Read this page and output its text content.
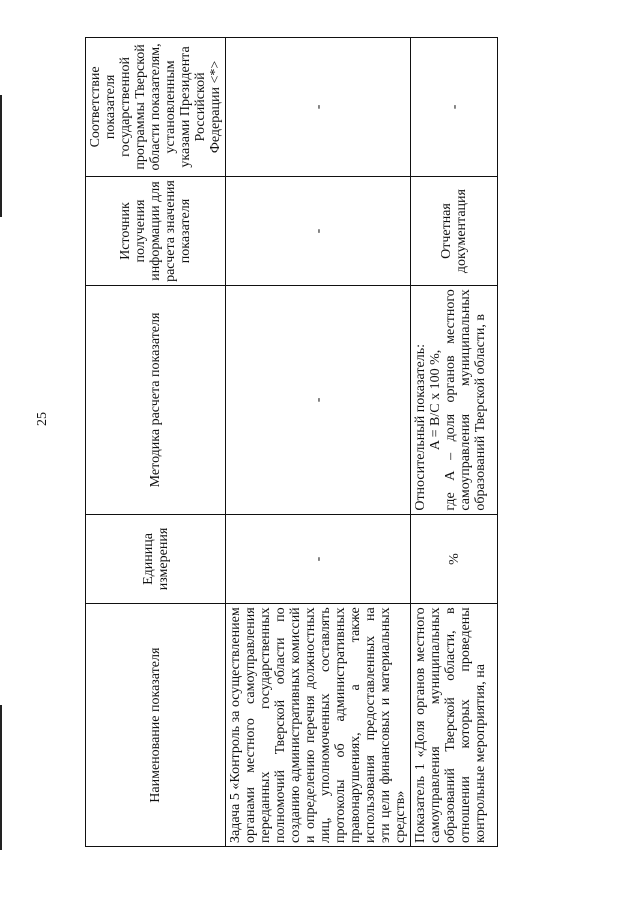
25
Наименование показателя	Единица измерения	Методика расчета показателя	Источник получения информации для расчета значения показателя	Соответствие показателя государственной программы Тверской области показателям, установленным указами Президента Российской Федерации <*>
Задача 5 «Контроль за осуществлением органами местного самоуправления переданных государственных полномочий Тверской области по созданию административных комиссий и определению перечня должностных лиц, уполномоченных составлять протоколы об административных правонарушениях, а также использования предоставленных на эти цели финансовых и материальных средств»	-	-	-	-
Показатель 1 «Доля органов местного самоуправления муниципальных образований Тверской области, в отношении которых проведены контрольные мероприятия, на	%	Относительный показатель: A = B/C x 100 %, где A – доля органов местного самоуправления муниципальных образований Тверской области, в	Отчетная документация	-
